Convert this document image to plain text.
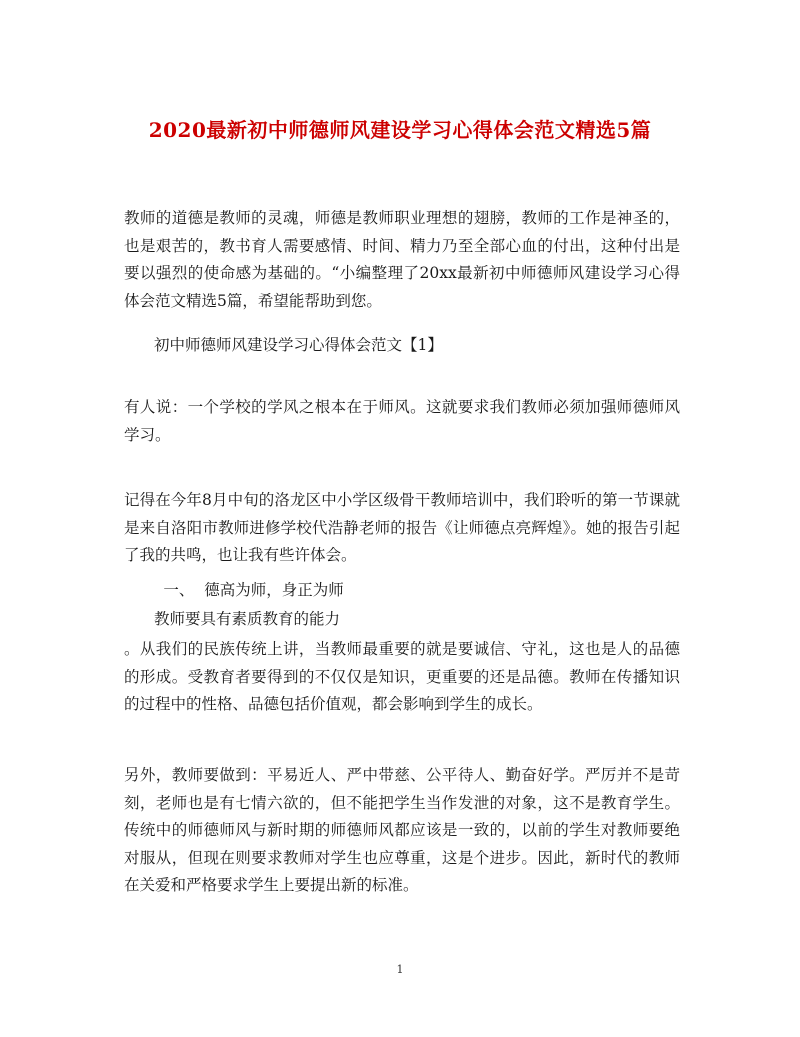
2020最新初中师德师风建设学习心得体会范文精选5篇
教师的道德是教师的灵魂，师德是教师职业理想的翅膀，教师的工作是神圣的，也是艰苦的，教书育人需要感情、时间、精力乃至全部心血的付出，这种付出是要以强烈的使命感为基础的。“小编整理了20xx最新初中师德师风建设学习心得体会范文精选5篇，希望能帮助到您。
初中师德师风建设学习心得体会范文【1】
有人说：一个学校的学风之根本在于师风。这就要求我们教师必须加强师德师风学习。
记得在今年8月中旬的洛龙区中小学区级骨干教师培训中，我们聆听的第一节课就是来自洛阳市教师进修学校代浩静老师的报告《让师德点亮辉煌》。她的报告引起了我的共鸣，也让我有些许体会。
一、  德高为师，身正为师
教师要具有素质教育的能力
。从我们的民族传统上讲，当教师最重要的就是要诚信、守礼，这也是人的品德的形成。受教育者要得到的不仅仅是知识，更重要的还是品德。教师在传播知识的过程中的性格、品德包括价值观，都会影响到学生的成长。
另外，教师要做到：平易近人、严中带慈、公平待人、勤奋好学。严厉并不是苛刻，老师也是有七情六欲的，但不能把学生当作发泄的对象，这不是教育学生。传统中的师德师风与新时期的师德师风都应该是一致的，以前的学生对教师要绝对服从，但现在则要求教师对学生也应尊重，这是个进步。因此，新时代的教师在关爱和严格要求学生上要提出新的标准。
1
